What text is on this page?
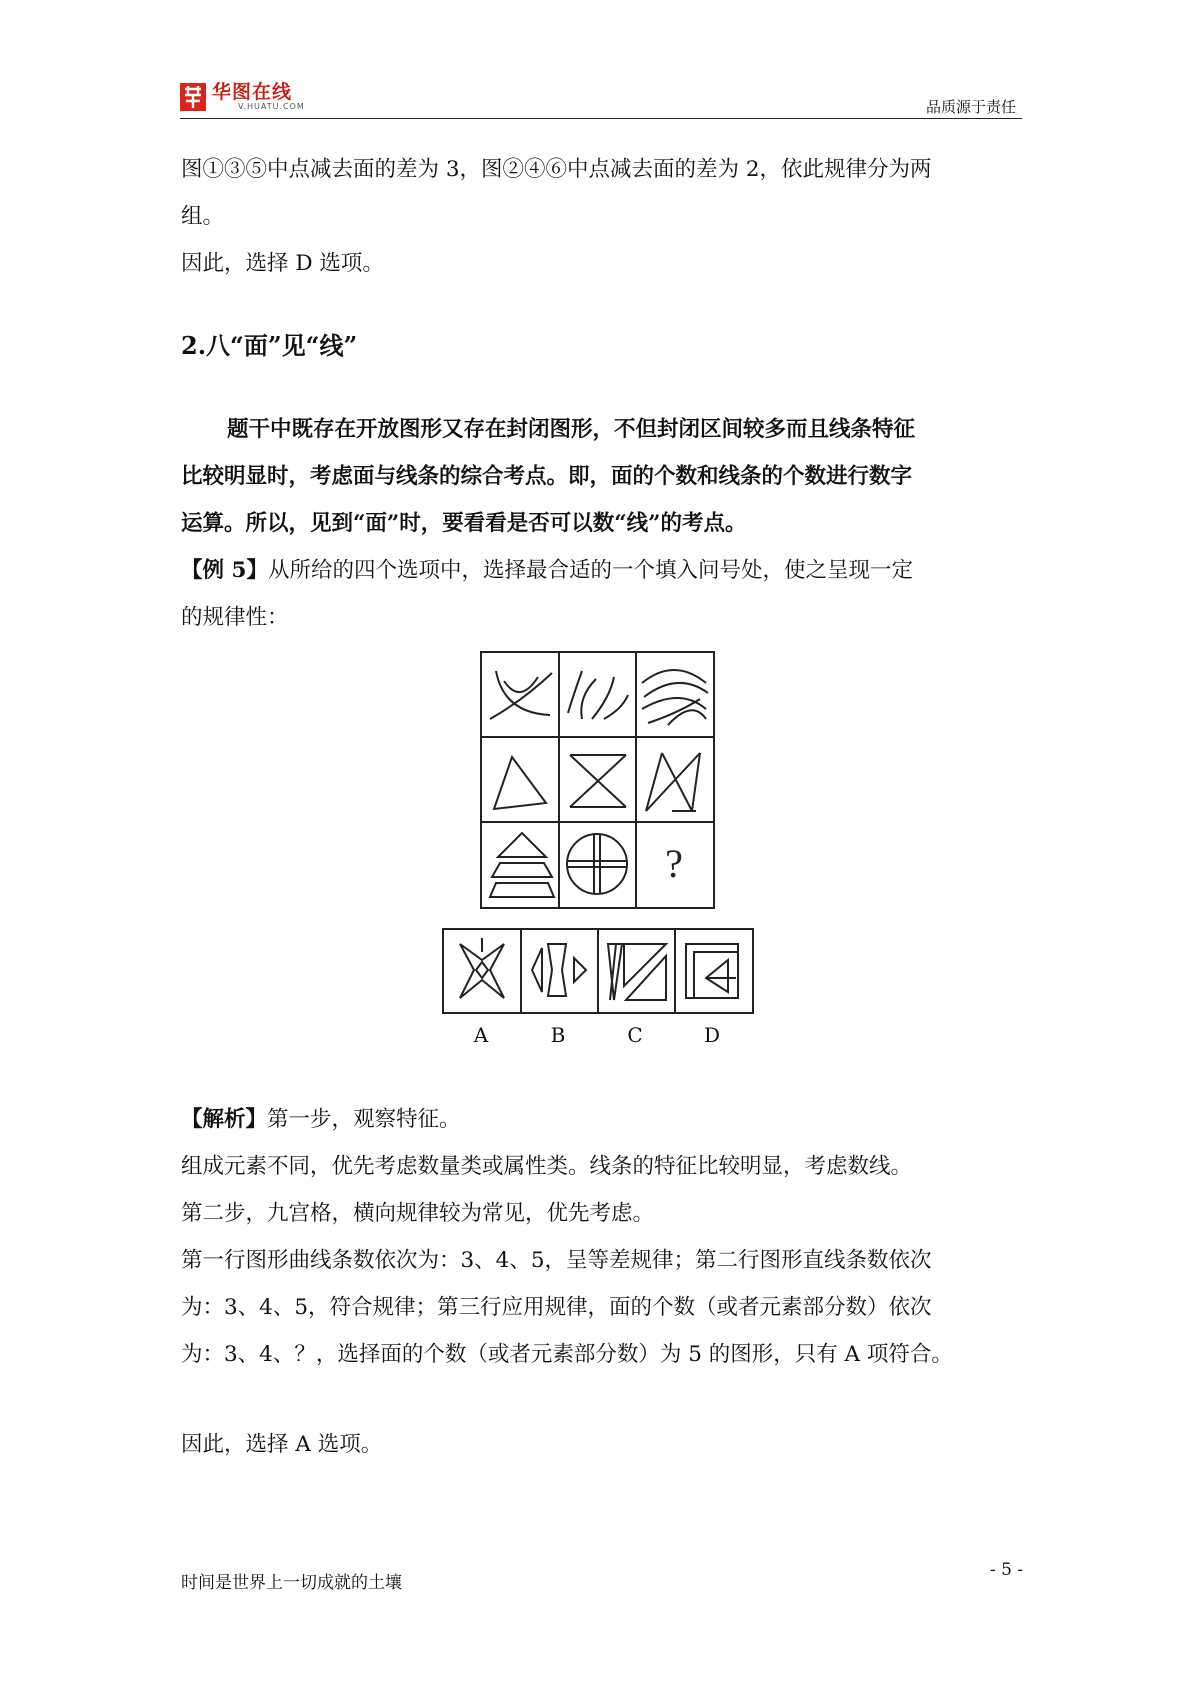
华图在线
V.HUATU.COM	品质源于责任

图①③⑤中点减去面的差为 3，图②④⑥中点减去面的差为 2，依此规律分为两

组。

因此，选择 D 选项。

2.八“面”见“线”

题干中既存在开放图形又存在封闭图形，不但封闭区间较多而且线条特征

比较明显时，考虑面与线条的综合考点。即，面的个数和线条的个数进行数字

运算。所以，见到“面”时，要看看是否可以数“线”的考点。

【例 5】从所给的四个选项中，选择最合适的一个填入问号处，使之呈现一定

的规律性：

?
A	B	C	D

【解析】第一步，观察特征。

组成元素不同，优先考虑数量类或属性类。线条的特征比较明显，考虑数线。

第二步，九宫格，横向规律较为常见，优先考虑。

第一行图形曲线条数依次为：3、4、5，呈等差规律；第二行图形直线条数依次

为：3、4、5，符合规律；第三行应用规律，面的个数（或者元素部分数）依次

为：3、4、？，选择面的个数（或者元素部分数）为 5 的图形，只有 A 项符合。

因此，选择 A 选项。

时间是世界上一切成就的土壤
- 5 -
